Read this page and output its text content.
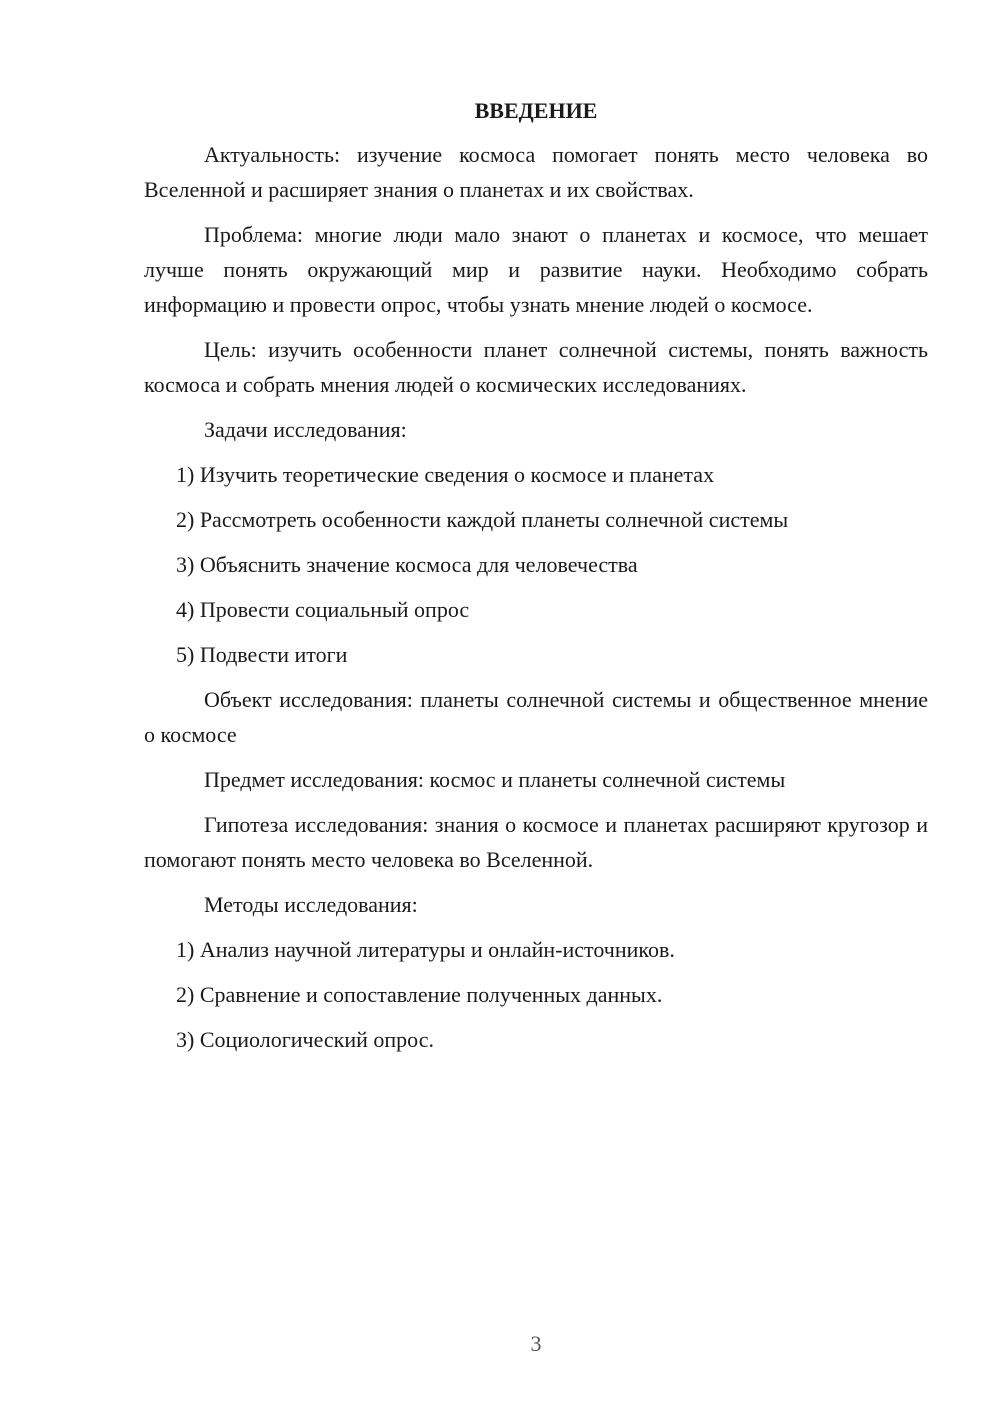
ВВЕДЕНИЕ

Актуальность: изучение космоса помогает понять место человека во Вселенной и расширяет знания о планетах и их свойствах.

Проблема: многие люди мало знают о планетах и космосе, что мешает лучше понять окружающий мир и развитие науки. Необходимо собрать информацию и провести опрос, чтобы узнать мнение людей о космосе.

Цель: изучить особенности планет солнечной системы, понять важность космоса и собрать мнения людей о космических исследованиях.

Задачи исследования:

1) Изучить теоретические сведения о космосе и планетах
2) Рассмотреть особенности каждой планеты солнечной системы
3) Объяснить значение космоса для человечества
4) Провести социальный опрос
5) Подвести итоги

Объект исследования: планеты солнечной системы и общественное мнение о космосе

Предмет исследования: космос и планеты солнечной системы

Гипотеза исследования: знания о космосе и планетах расширяют кругозор и помогают понять место человека во Вселенной.

Методы исследования:

1) Анализ научной литературы и онлайн-источников.
2) Сравнение и сопоставление полученных данных.
3) Социологический опрос.
3
